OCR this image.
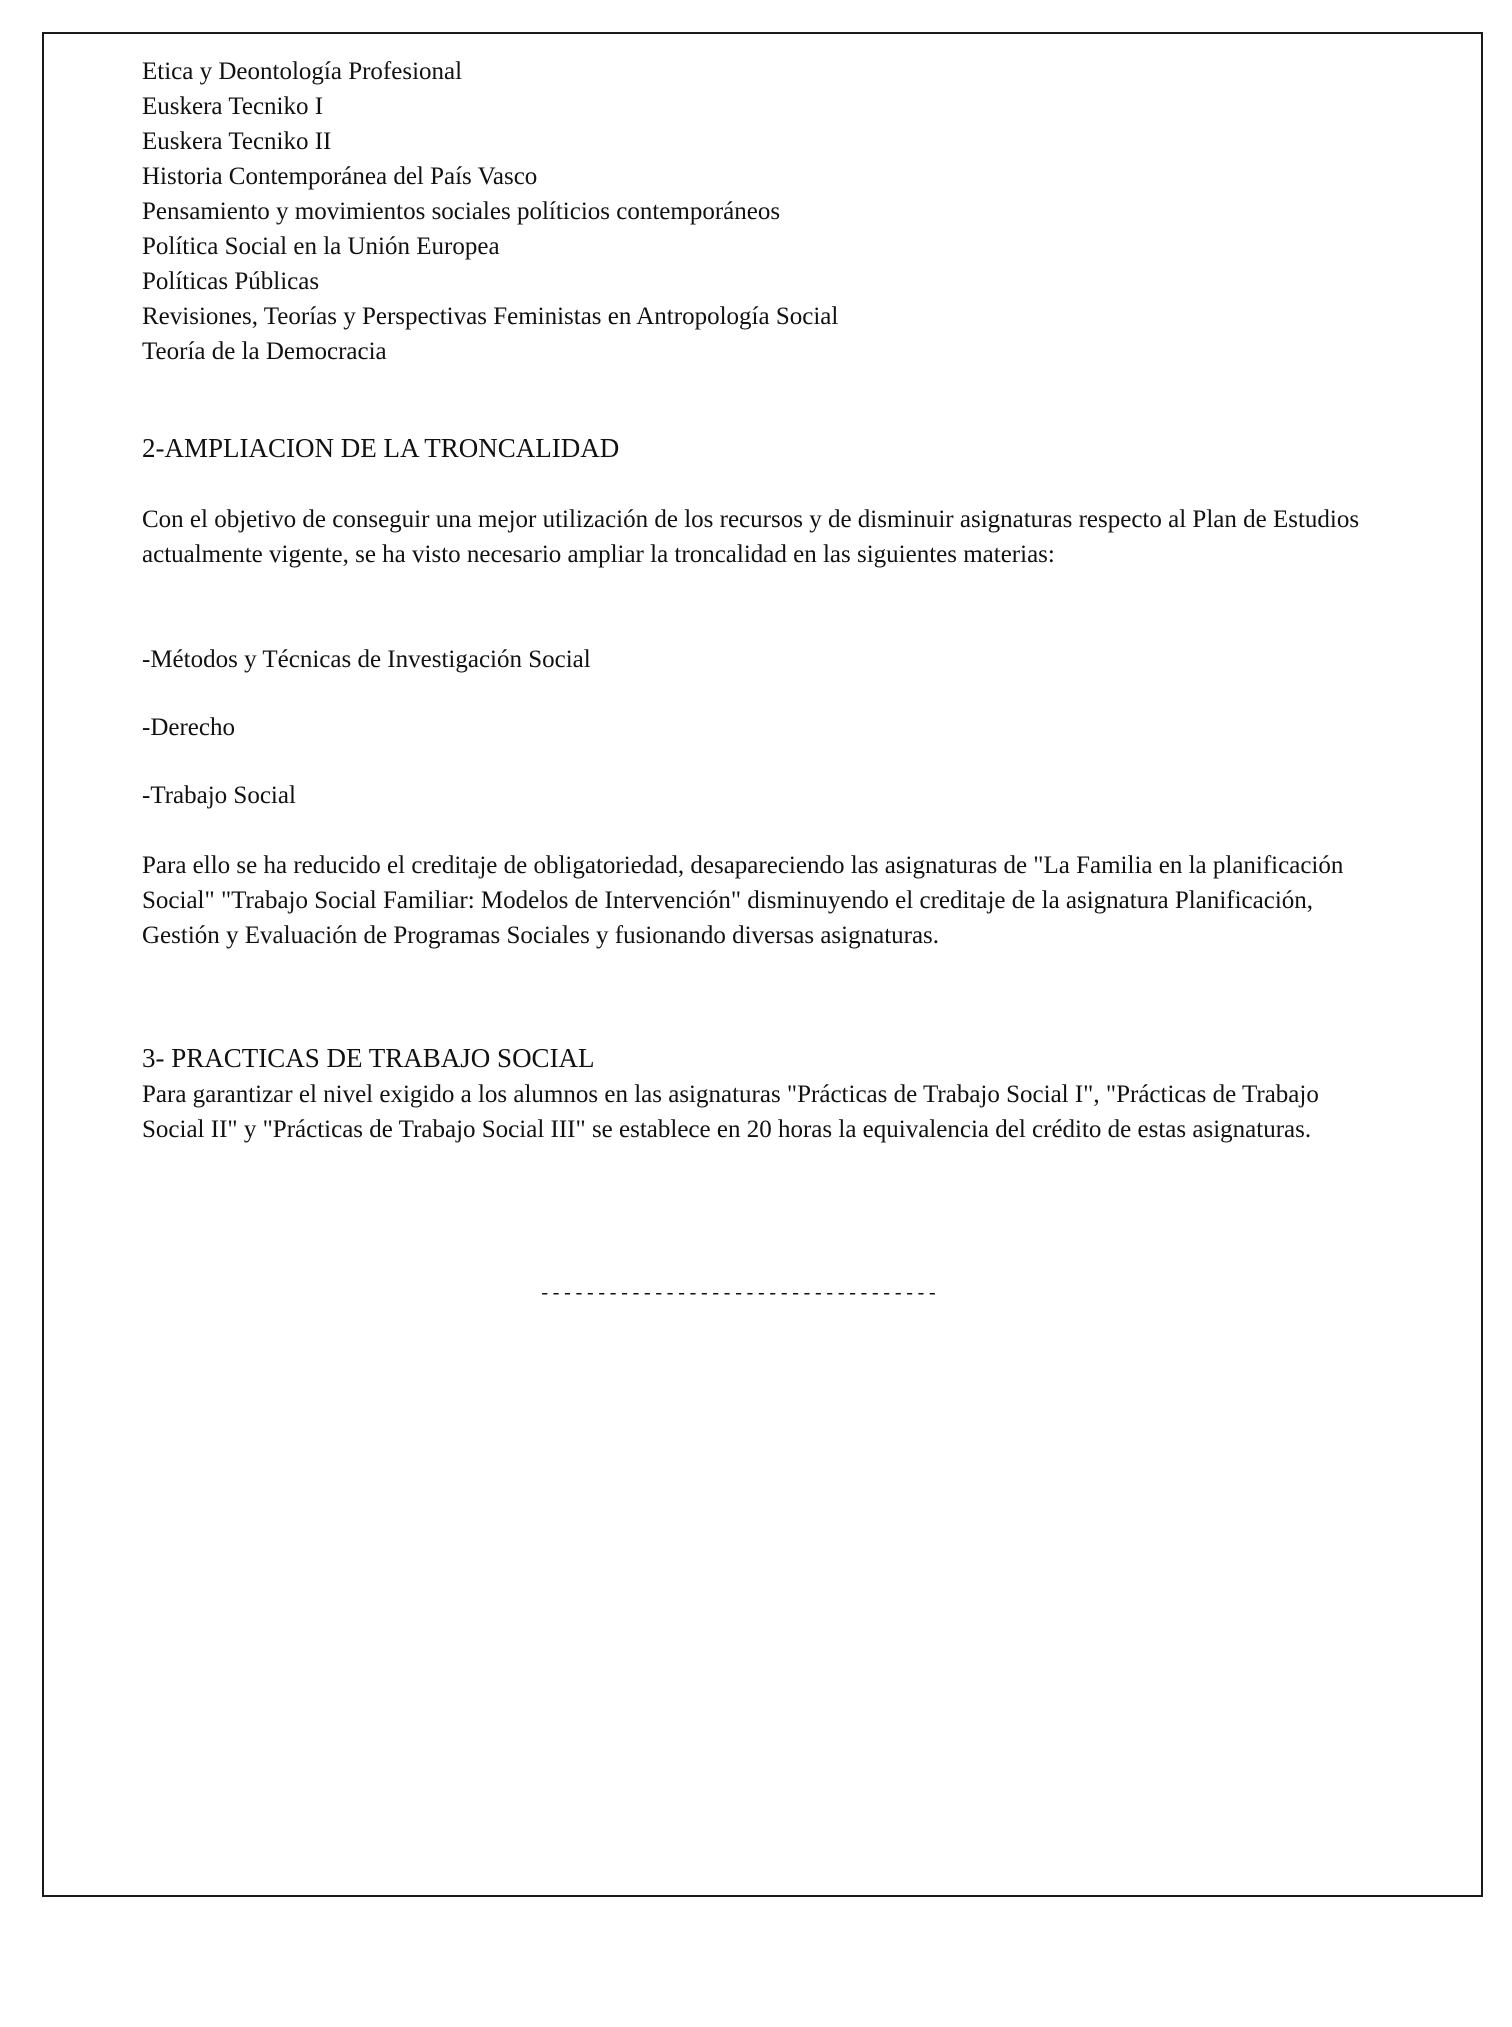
Etica y Deontología Profesional
Euskera Tecniko I
Euskera Tecniko II
Historia Contemporánea del País Vasco
Pensamiento y movimientos sociales políticios contemporáneos
Política Social en la Unión Europea
Políticas Públicas
Revisiones, Teorías y Perspectivas Feministas en Antropología Social
Teoría de la Democracia
2-AMPLIACION DE LA TRONCALIDAD

Con el objetivo de conseguir una mejor utilización de los recursos y de disminuir asignaturas respecto al Plan de Estudios actualmente vigente, se ha visto necesario ampliar la troncalidad en las siguientes materias:

-Métodos y Técnicas de Investigación Social

-Derecho

-Trabajo Social

Para ello se ha reducido el creditaje de obligatoriedad, desapareciendo las asignaturas de "La Familia en la planificación Social" "Trabajo Social Familiar: Modelos de Intervención" disminuyendo el creditaje de la asignatura Planificación, Gestión y Evaluación de Programas Sociales y fusionando diversas asignaturas.

3- PRACTICAS DE TRABAJO SOCIAL

Para garantizar el nivel exigido a los alumnos en las asignaturas "Prácticas de Trabajo Social I", "Prácticas de Trabajo Social II" y "Prácticas de Trabajo Social III" se establece en 20 horas la equivalencia del crédito de estas asignaturas.

-----------------------------------
